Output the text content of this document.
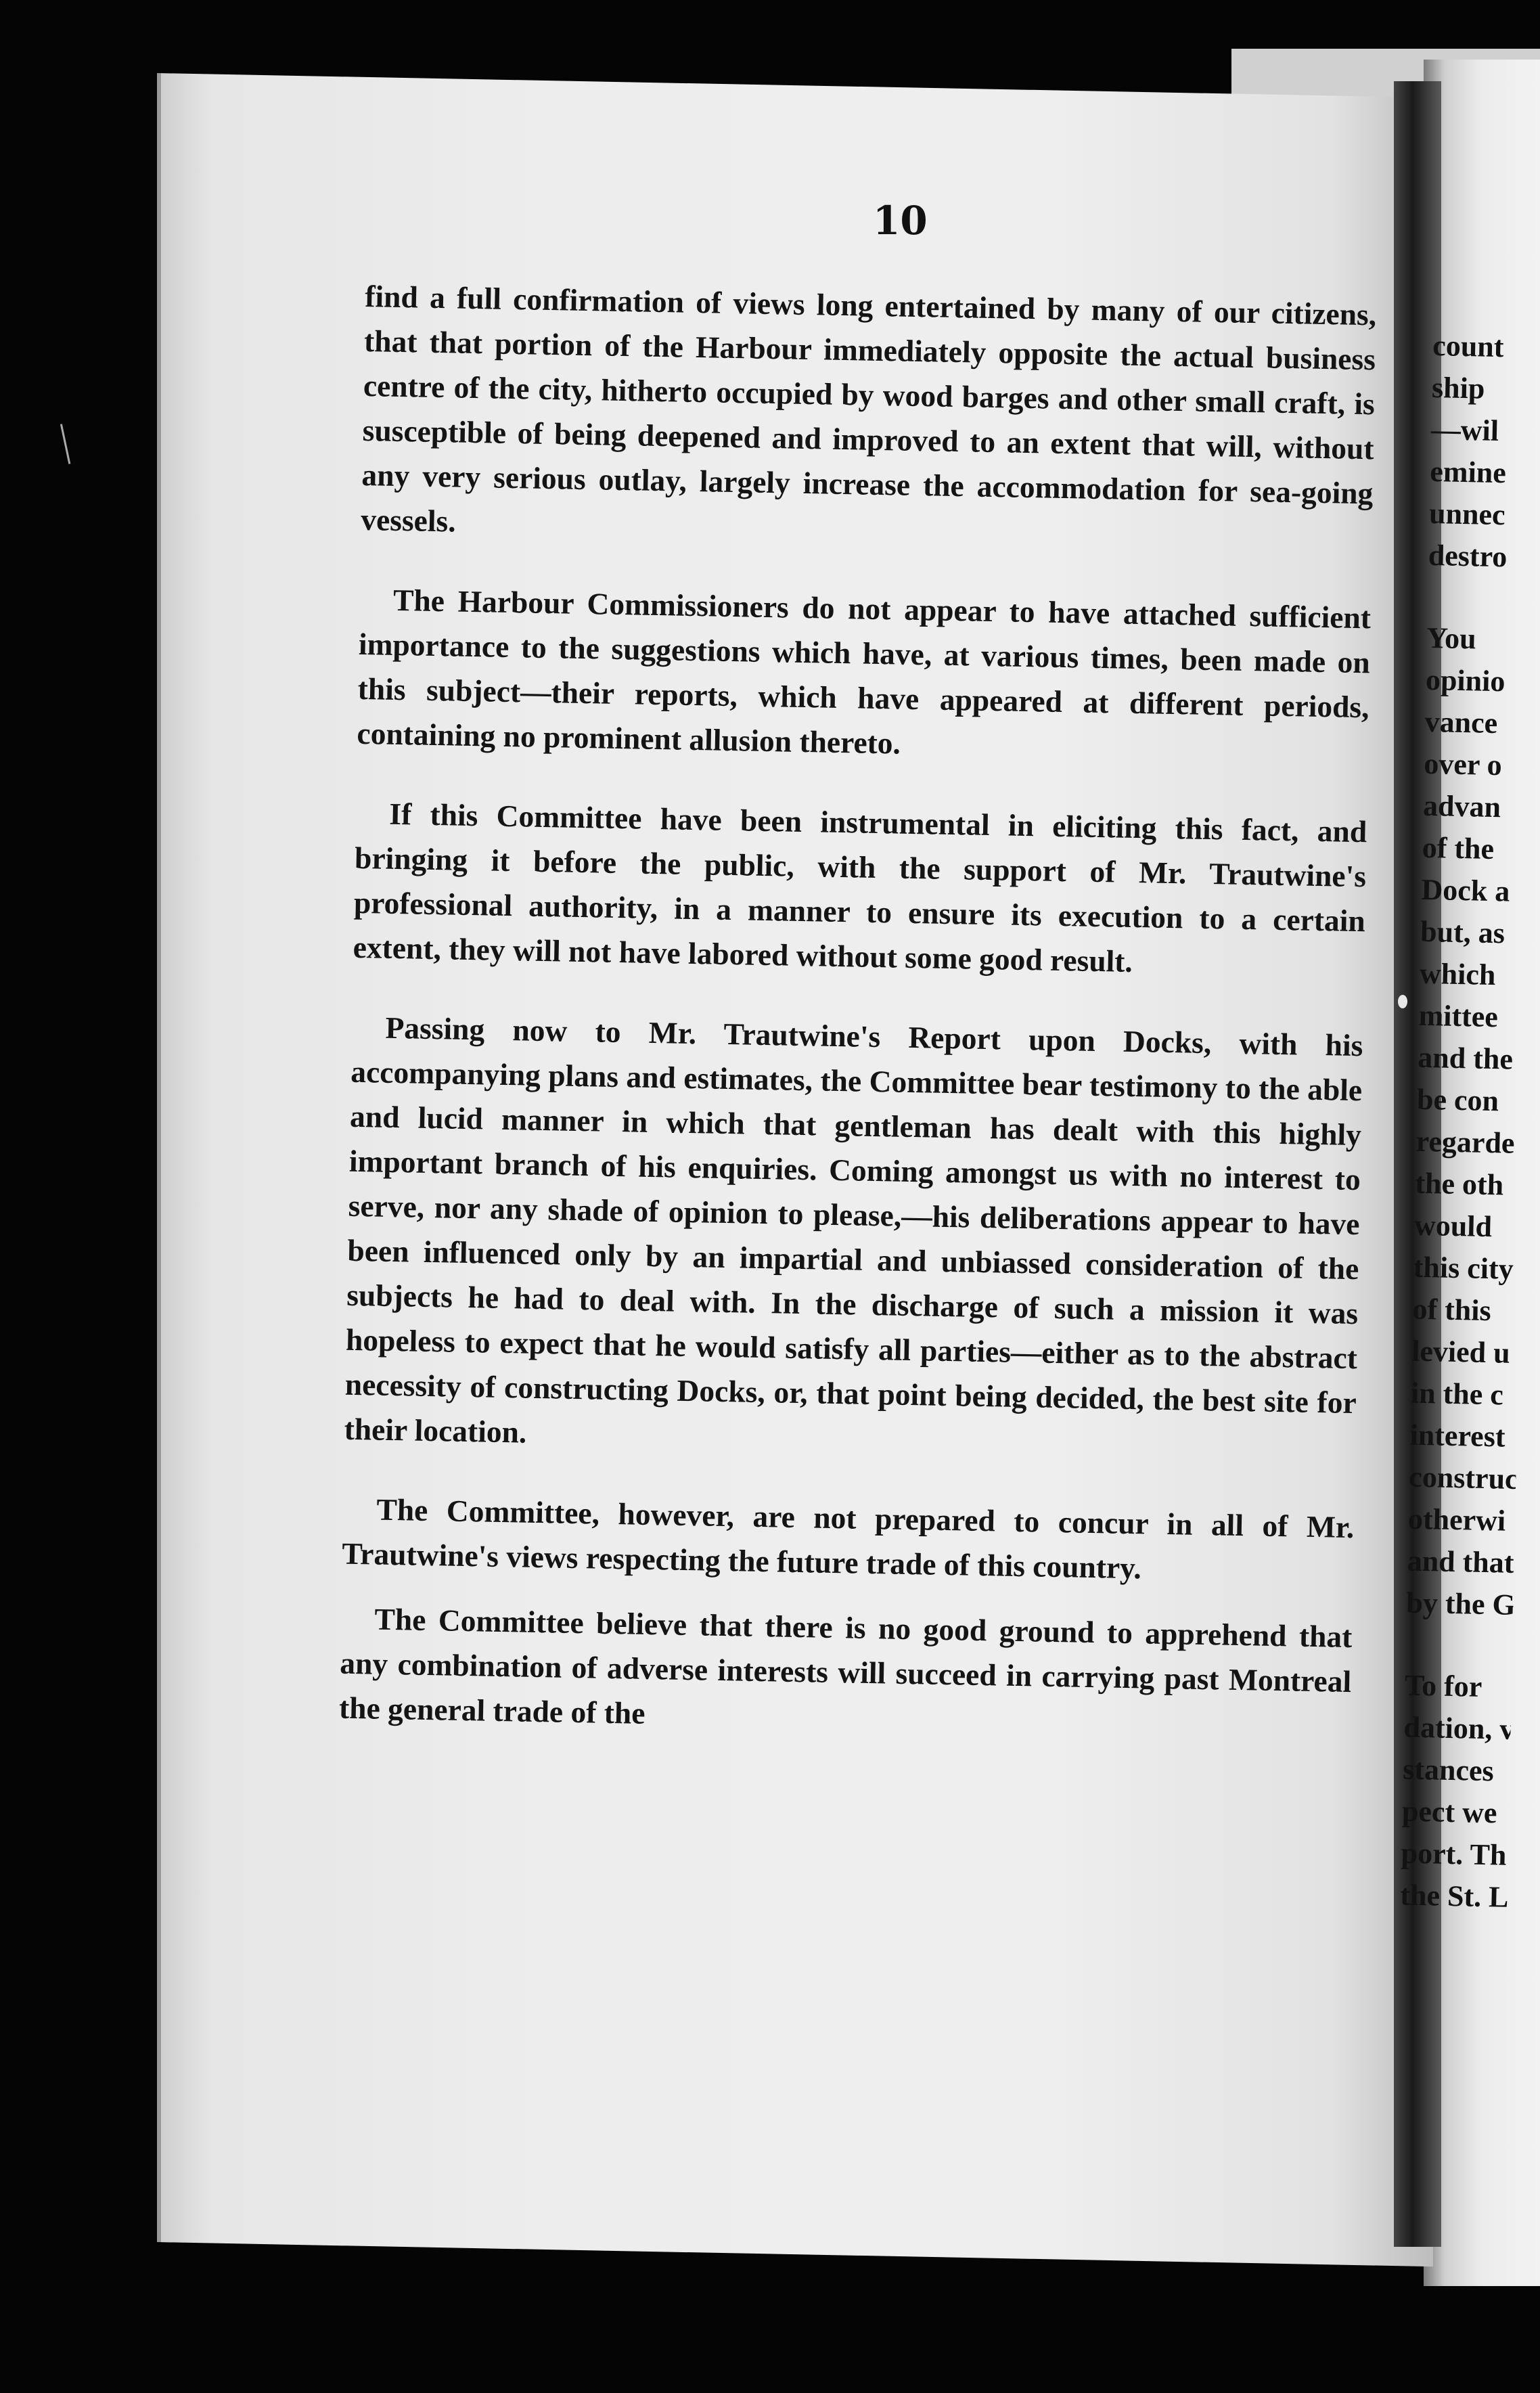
10

find a full confirmation of views long entertained by many of our citizens, that that portion of the Harbour immediately opposite the actual business centre of the city, hitherto occupied by wood barges and other small craft, is susceptible of being deepened and improved to an extent that will, without any very serious outlay, largely increase the accommodation for sea-going vessels.

The Harbour Commissioners do not appear to have attached sufficient importance to the suggestions which have, at various times, been made on this subject—their reports, which have appeared at different periods, containing no prominent allusion thereto.

If this Committee have been instrumental in eliciting this fact, and bringing it before the public, with the support of Mr. Trautwine's professional authority, in a manner to ensure its execution to a certain extent, they will not have labored without some good result.

Passing now to Mr. Trautwine's Report upon Docks, with his accompanying plans and estimates, the Committee bear testimony to the able and lucid manner in which that gentleman has dealt with this highly important branch of his enquiries. Coming amongst us with no interest to serve, nor any shade of opinion to please,—his deliberations appear to have been influenced only by an impartial and unbiassed consideration of the subjects he had to deal with. In the discharge of such a mission it was hopeless to expect that he would satisfy all parties—either as to the abstract necessity of constructing Docks, or, that point being decided, the best site for their location.

The Committee, however, are not prepared to concur in all of Mr. Trautwine's views respecting the future trade of this country.

The Committee believe that there is no good ground to apprehend that any combination of adverse interests will succeed in carrying past Montreal the general trade of the

count
ship
—wil
emine
unnec
destro
You
opinio
vance
over o
advan
of the
Dock a
but, as
which
mittee
and the
be con
regarde
the oth
would
this city
of this
levied u
in the c
interest
construc
otherwi
and that
by the G
To for
dation, v
stances
pect we
port. Th
the St. L
